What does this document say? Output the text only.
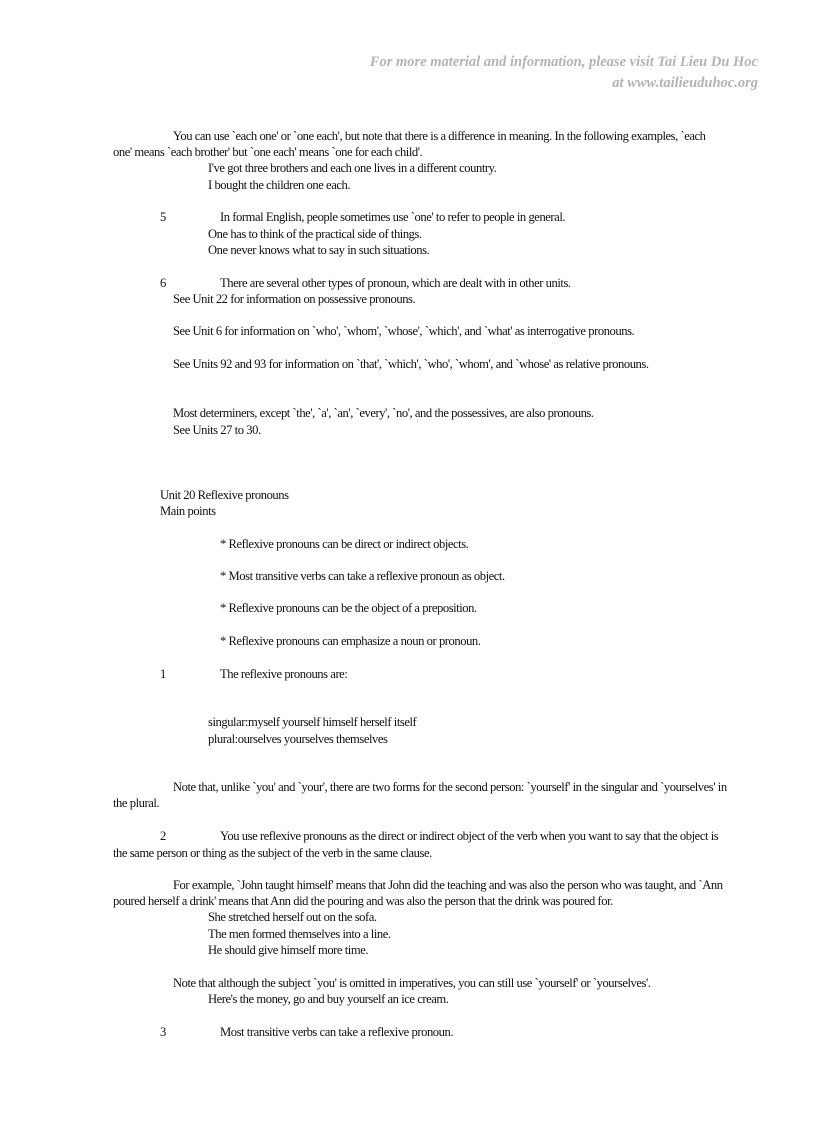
For more material and information, please visit Tai Lieu Du Hoc
at www.tailieuduhoc.org
You can use `each one' or `one each', but note that there is a difference in meaning. In the following examples, `each
one' means `each brother' but `one each' means `one for each child'.
I've got three brothers and each one lives in a different country.
I bought the children one each.
5	In formal English, people sometimes use `one' to refer to people in general.
One has to think of the practical side of things.
One never knows what to say in such situations.
6	There are several other types of pronoun, which are dealt with in other units.
See Unit 22 for information on possessive pronouns.
See Unit 6 for information on `who', `whom', `whose', `which', and `what' as interrogative pronouns.
See Units 92 and 93 for information on `that', `which', `who', `whom', and `whose' as relative pronouns.
Most determiners, except `the', `a', `an', `every', `no', and the possessives, are also pronouns.
See Units 27 to 30.
Unit 20 Reflexive pronouns
Main points
* Reflexive pronouns can be direct or indirect objects.
* Most transitive verbs can take a reflexive pronoun as object.
* Reflexive pronouns can be the object of a preposition.
* Reflexive pronouns can emphasize a noun or pronoun.
1	The reflexive pronouns are:
singular:myself yourself himself herself itself
plural:ourselves yourselves themselves
Note that, unlike `you' and `your', there are two forms for the second person: `yourself' in the singular and `yourselves' in
the plural.
2	You use reflexive pronouns as the direct or indirect object of the verb when you want to say that the object is
the same person or thing as the subject of the verb in the same clause.
For example, `John taught himself' means that John did the teaching and was also the person who was taught, and `Ann
poured herself a drink' means that Ann did the pouring and was also the person that the drink was poured for.
She stretched herself out on the sofa.
The men formed themselves into a line.
He should give himself more time.
Note that although the subject `you' is omitted in imperatives, you can still use `yourself' or `yourselves'.
Here's the money, go and buy yourself an ice cream.
3	Most transitive verbs can take a reflexive pronoun.
